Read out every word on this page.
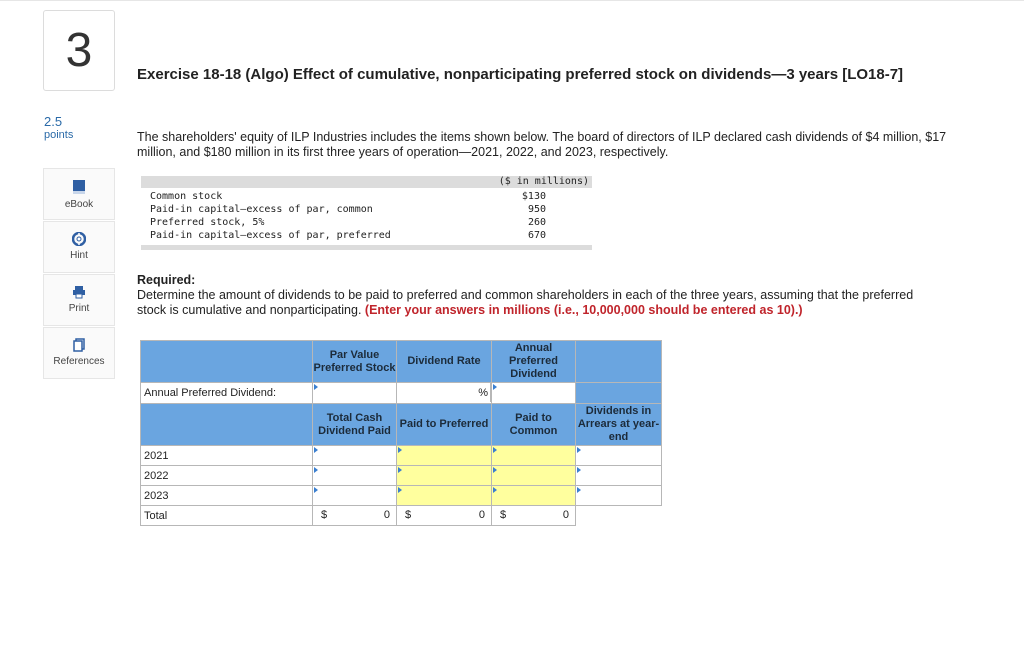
3
2.5
points
eBook
Hint
Print
References
Exercise 18-18 (Algo) Effect of cumulative, nonparticipating preferred stock on dividends—3 years [LO18-7]
The shareholders' equity of ILP Industries includes the items shown below. The board of directors of ILP declared cash dividends of $4 million, $17 million, and $180 million in its first three years of operation—2021, 2022, and 2023, respectively.
($ in millions)
Common stock	$130
Paid-in capital—excess of par, common	950
Preferred stock, 5%	260
Paid-in capital—excess of par, preferred	670
Required:
Determine the amount of dividends to be paid to preferred and common shareholders in each of the three years, assuming that the preferred stock is cumulative and nonparticipating. (Enter your answers in millions (i.e., 10,000,000 should be entered as 10).)
	Par Value Preferred Stock	Dividend Rate	Annual Preferred Dividend	
Annual Preferred Dividend:		%		

	Total Cash Dividend Paid	Paid to Preferred	Paid to Common	Dividends in Arrears at year-end
2021				
2022				
2023				
Total	$ 0	$ 0	$ 0	
